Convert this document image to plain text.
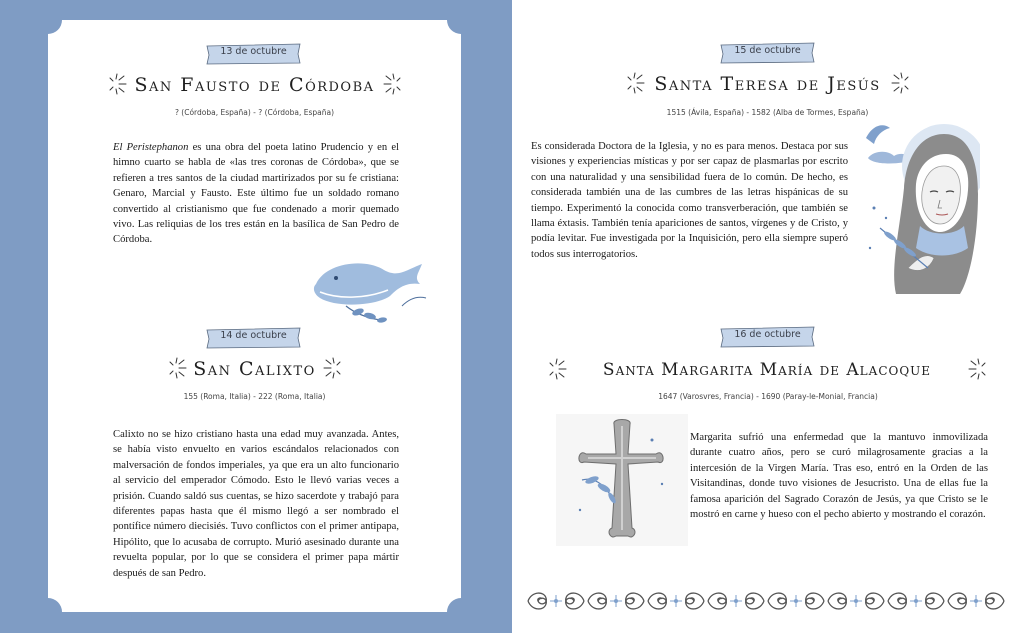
13 de octubre
San Fausto de Córdoba
? (Córdoba, España) - ? (Córdoba, España)

El Peristephanon es una obra del poeta latino Prudencio y en el himno cuarto se habla de «las tres coronas de Córdoba», que se refieren a tres santos de la ciudad martirizados por su fe cristiana: Genaro, Marcial y Fausto. Este último fue un soldado romano convertido al cristianismo que fue condenado a morir quemado vivo. Las reliquias de los tres están en la basílica de San Pedro de Córdoba.

14 de octubre
San Calixto
155 (Roma, Italia) - 222 (Roma, Italia)

Calixto no se hizo cristiano hasta una edad muy avanzada. Antes, se había visto envuelto en varios escándalos relacionados con malversación de fondos imperiales, ya que era un alto funcionario al servicio del emperador Cómodo. Esto le llevó varias veces a prisión. Cuando saldó sus cuentas, se hizo sacerdote y trabajó para diferentes papas hasta que él mismo llegó a ser nombrado el pontífice número diecisiés. Tuvo conflictos con el primer antipapa, Hipólito, que lo acusaba de corrupto. Murió asesinado durante una revuelta popular, por lo que se considera el primer papa mártir después de san Pedro.

15 de octubre
Santa Teresa de Jesús
1515 (Ávila, España) - 1582 (Alba de Tormes, España)

Es considerada Doctora de la Iglesia, y no es para menos. Destaca por sus visiones y experiencias místicas y por ser capaz de plasmarlas por escrito con una naturalidad y una sensibilidad fuera de lo común. De hecho, es considerada también una de las cumbres de las letras hispánicas de su tiempo. Experimentó la conocida como transverberación, que también se llama éxtasis. También tenía apariciones de santos, vírgenes y de Cristo, y podía levitar. Fue investigada por la Inquisición, pero ella siempre superó todos sus interrogatorios.

16 de octubre
Santa Margarita María de Alacoque
1647 (Varosvres, Francia) - 1690 (Paray-le-Monial, Francia)

Margarita sufrió una enfermedad que la mantuvo inmovilizada durante cuatro años, pero se curó milagrosamente gracias a la intercesión de la Virgen María. Tras eso, entró en la Orden de las Visitandinas, donde tuvo visiones de Jesucristo. Una de ellas fue la famosa aparición del Sagrado Corazón de Jesús, ya que Cristo se le mostró en carne y hueso con el pecho abierto y mostrando el corazón.
